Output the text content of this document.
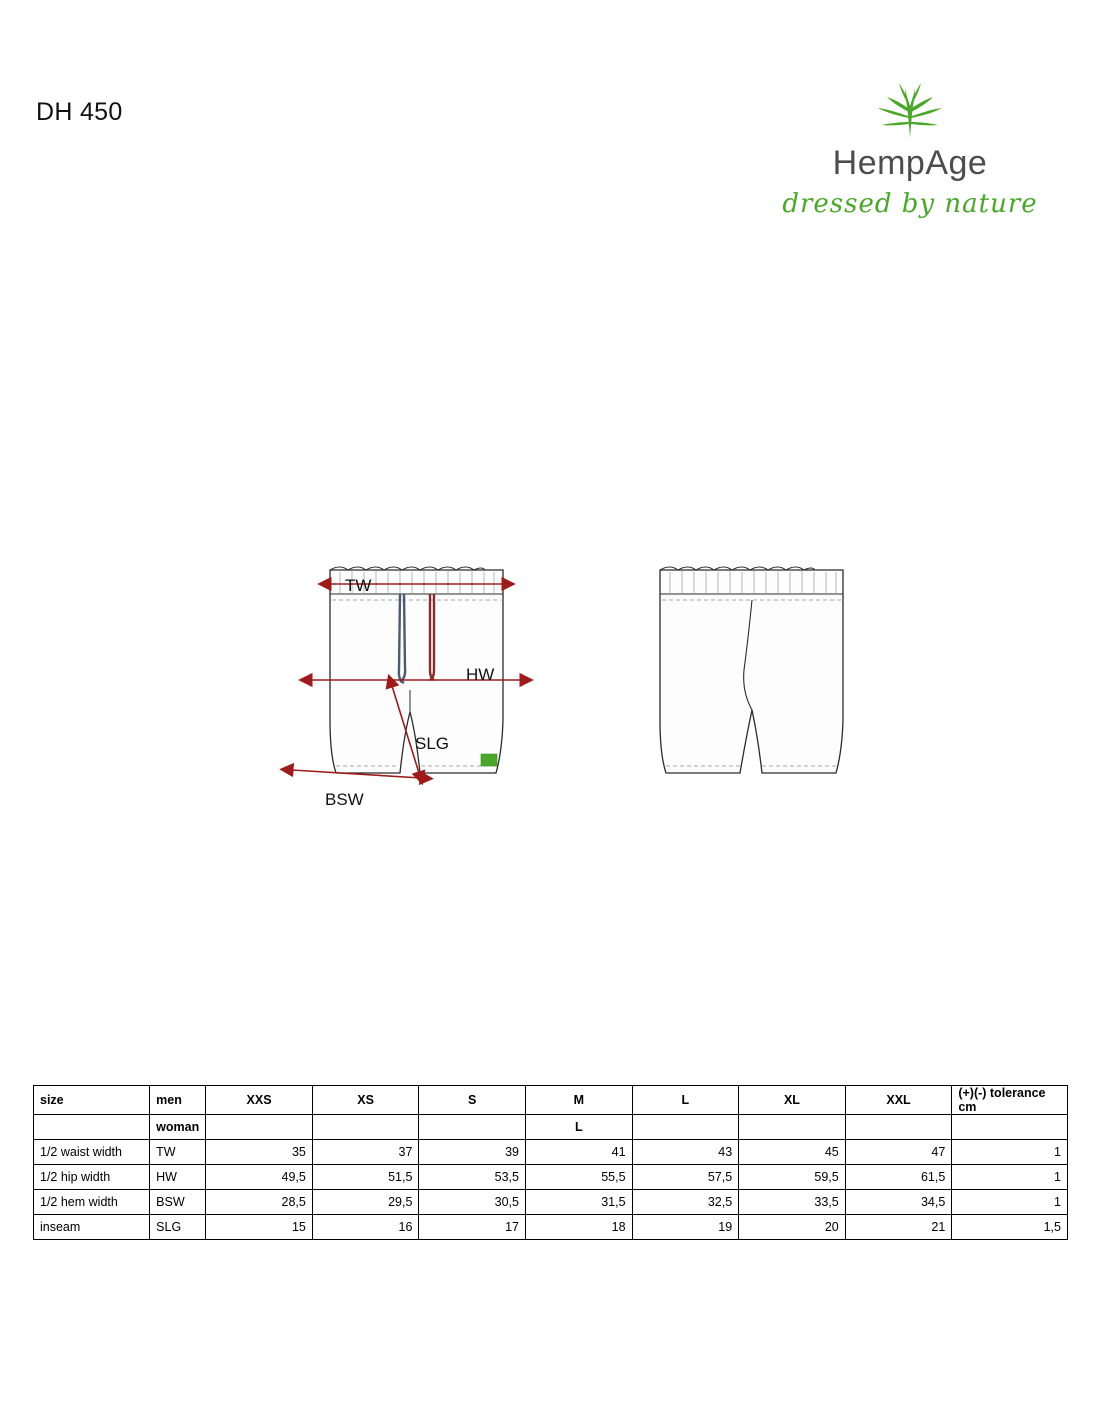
DH 450
HempAge
dressed by nature
TW
HW
SLG
BSW
size	men	XXS	XS	S	M	L	XL	XXL	(+)(-) tolerance cm
	woman				L				
1/2 waist width	TW	35	37	39	41	43	45	47	1
1/2 hip width	HW	49,5	51,5	53,5	55,5	57,5	59,5	61,5	1
1/2 hem width	BSW	28,5	29,5	30,5	31,5	32,5	33,5	34,5	1
inseam	SLG	15	16	17	18	19	20	21	1,5
